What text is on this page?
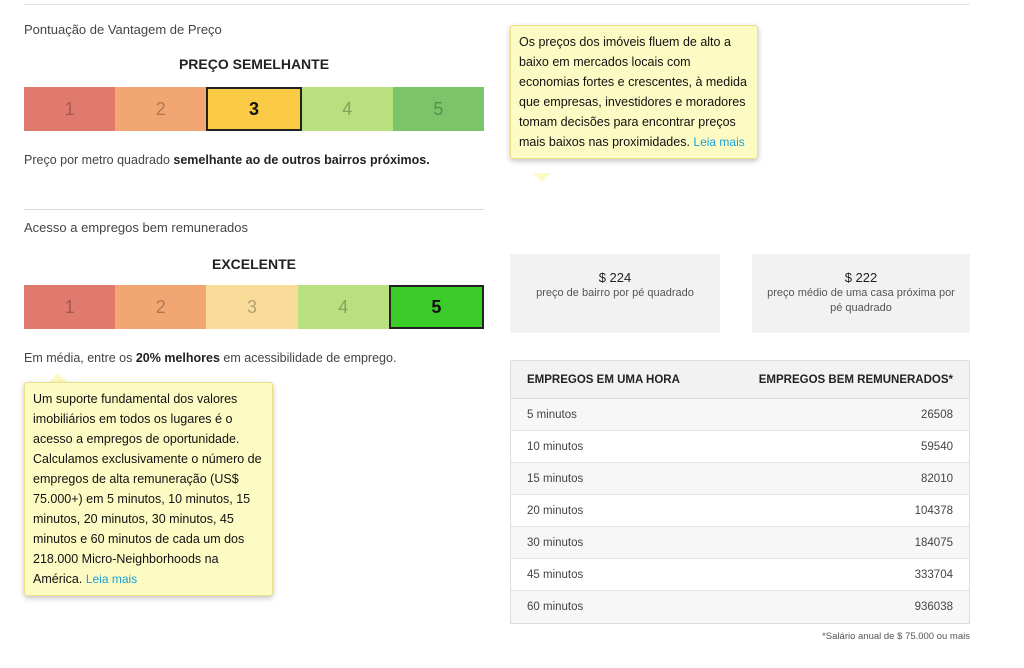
Pontuação de Vantagem de Preço
PREÇO SEMELHANTE
1	2	3	4	5
Preço por metro quadrado semelhante ao de outros bairros próximos.
Os preços dos imóveis fluem de alto a baixo em mercados locais com economias fortes e crescentes, à medida que empresas, investidores e moradores tomam decisões para encontrar preços mais baixos nas proximidades. Leia mais
Acesso a empregos bem remunerados
EXCELENTE
1	2	3	4	5
Em média, entre os 20% melhores em acessibilidade de emprego.
Um suporte fundamental dos valores imobiliários em todos os lugares é o acesso a empregos de oportunidade. Calculamos exclusivamente o número de empregos de alta remuneração (US$ 75.000+) em 5 minutos, 10 minutos, 15 minutos, 20 minutos, 30 minutos, 45 minutos e 60 minutos de cada um dos 218.000 Micro-Neighborhoods na América. Leia mais
$ 224
preço de bairro por pé quadrado
$ 222
preço médio de uma casa próxima por pé quadrado
EMPREGOS EM UMA HORA	EMPREGOS BEM REMUNERADOS*
5 minutos	26508
10 minutos	59540
15 minutos	82010
20 minutos	104378
30 minutos	184075
45 minutos	333704
60 minutos	936038
*Salário anual de $ 75.000 ou mais
